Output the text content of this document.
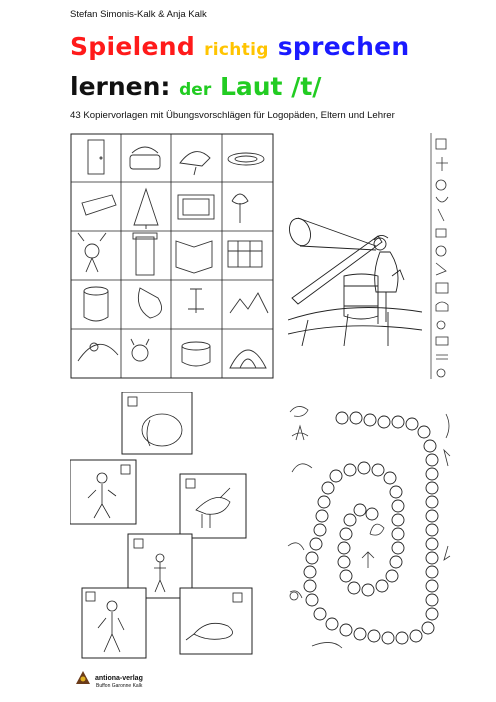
Stefan Simonis-Kalk & Anja Kalk
Spielend richtig sprechen
lernen: der Laut /t/
43 Kopiervorlagen mit Übungsvorschlägen für Logopäden, Eltern und Lehrer
antiona-verlag
Buffon Garonne Kalk
